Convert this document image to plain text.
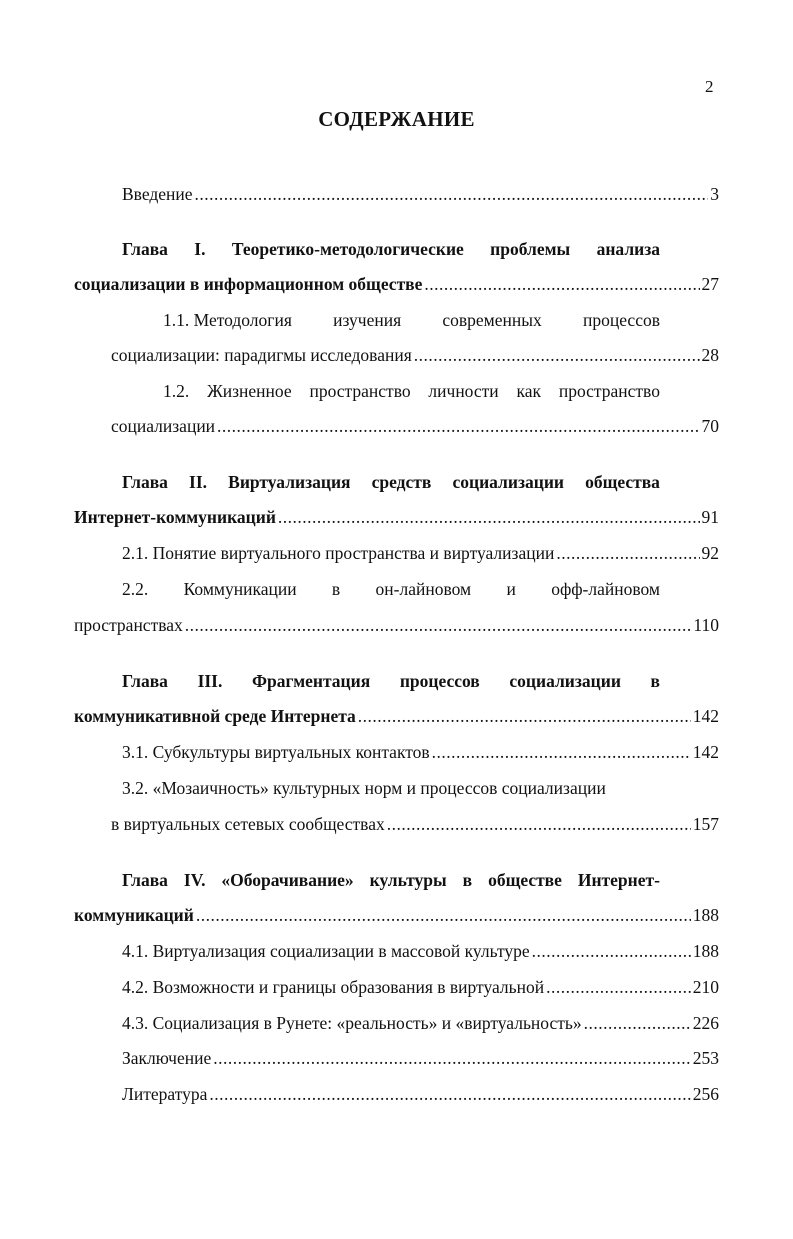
2
СОДЕРЖАНИЕ
Введение .....	3
Глава I. Теоретико-методологические проблемы анализа
социализации в информационном обществе .....	27
1.1. Методология изучения современных процессов
социализации: парадигмы исследования .....	28
1.2. Жизненное пространство личности как пространство
социализации .....	70
Глава II. Виртуализация средств социализации общества
Интернет-коммуникаций .....	91
2.1. Понятие виртуального пространства и виртуализации .....	92
2.2. Коммуникации в он-лайновом и офф-лайновом
пространствах .....	110
Глава III. Фрагментация процессов социализации в
коммуникативной среде Интернета .....	142
3.1. Субкультуры виртуальных контактов .....	142
3.2. «Мозаичность» культурных норм и процессов социализации
в виртуальных сетевых сообществах .....	157
Глава IV. «Оборачивание» культуры в обществе Интернет-
коммуникаций .....	188
4.1. Виртуализация социализации в массовой культуре .....	188
4.2. Возможности и границы образования в виртуальной .....	210
4.3. Социализация в Рунете: «реальность» и «виртуальность» .....	226
Заключение .....	253
Литература .....	256
